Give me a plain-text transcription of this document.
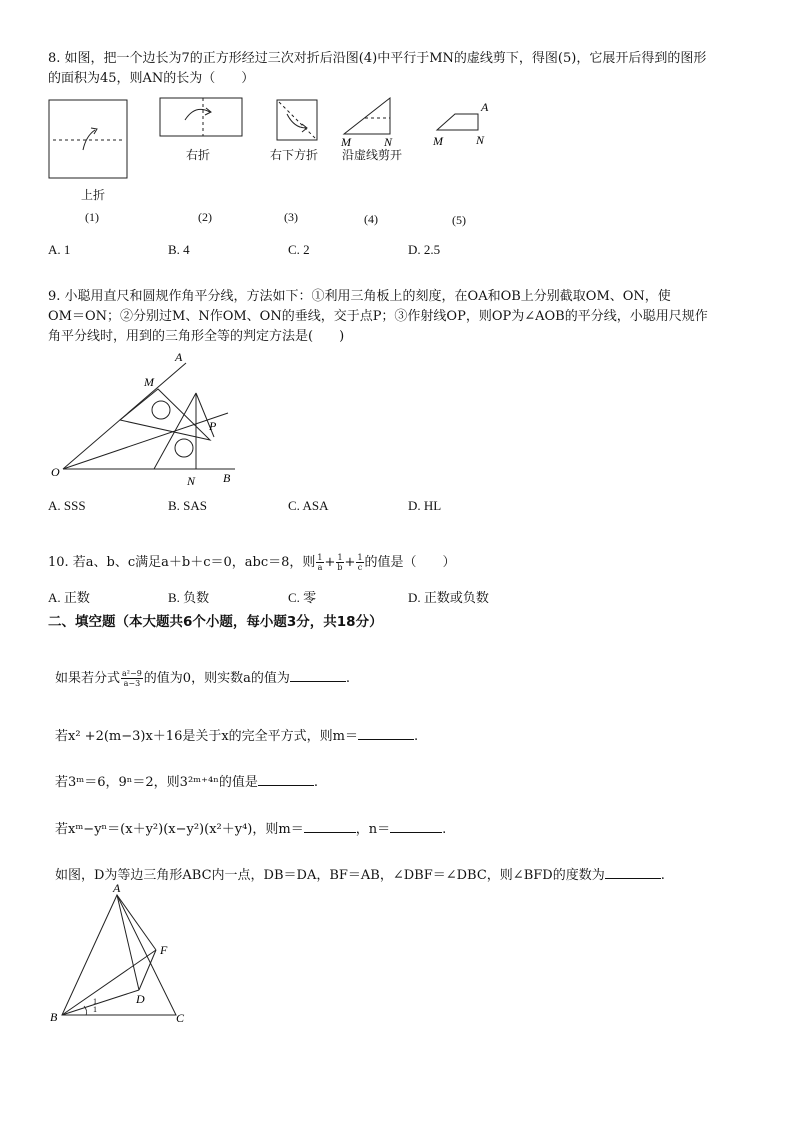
8. 如图，把一个边长为7的正方形经过三次对折后沿图(4)中平行于MN的虚线剪下，得图(5)，它展开后得到的图形
的面积为45，则AN的长为（　　）
M	N
A
M	N
上折
右折	右下方折 沿虚线剪开
(1)	(2)	(3)	(4)	(5)
A. 1	B. 4	C. 2	D. 2.5
9. 小聪用直尺和圆规作角平分线，方法如下：①利用三角板上的刻度，在OA和OB上分别截取OM、ON，使
OM＝ON；②分别过M、N作OM、ON的垂线，交于点P；③作射线OP，则OP为∠AOB的平分线，小聪用尺规作
角平分线时，用到的三角形全等的判定方法是(　　)
A
M
P
O	B
N
A. SSS	B. SAS	C. ASA	D. HL
10. 若a、b、c满足a＋b＋c＝0，abc＝8，则 $\frac{1}{a} + \frac{1}{b} + \frac{1}{c}$ 的值是（　　）
A. 正数	B. 负数	C. 零	D. 正数或负数
二、填空题（本大题共6个小题，每小题3分，共18分）
如果若分式 $\frac{\text{a²−9}}{a-3}$ 的值为0，则实数a的值为	.
若x² +2(m−3)x＋16是关于x的完全平方式，则m＝	.
若3ᵐ＝6，9ⁿ＝2，则3²ᵐ⁺⁴ⁿ的值是	.
若xᵐ−yⁿ＝(x＋y²)(x−y²)(x²＋y⁴)，则m＝	，n＝	.
如图，D为等边三角形ABC内一点，DB＝DA，BF＝AB，∠DBF＝∠DBC，则∠BFD的度数为	.
A
B	C
D
F
1
1
